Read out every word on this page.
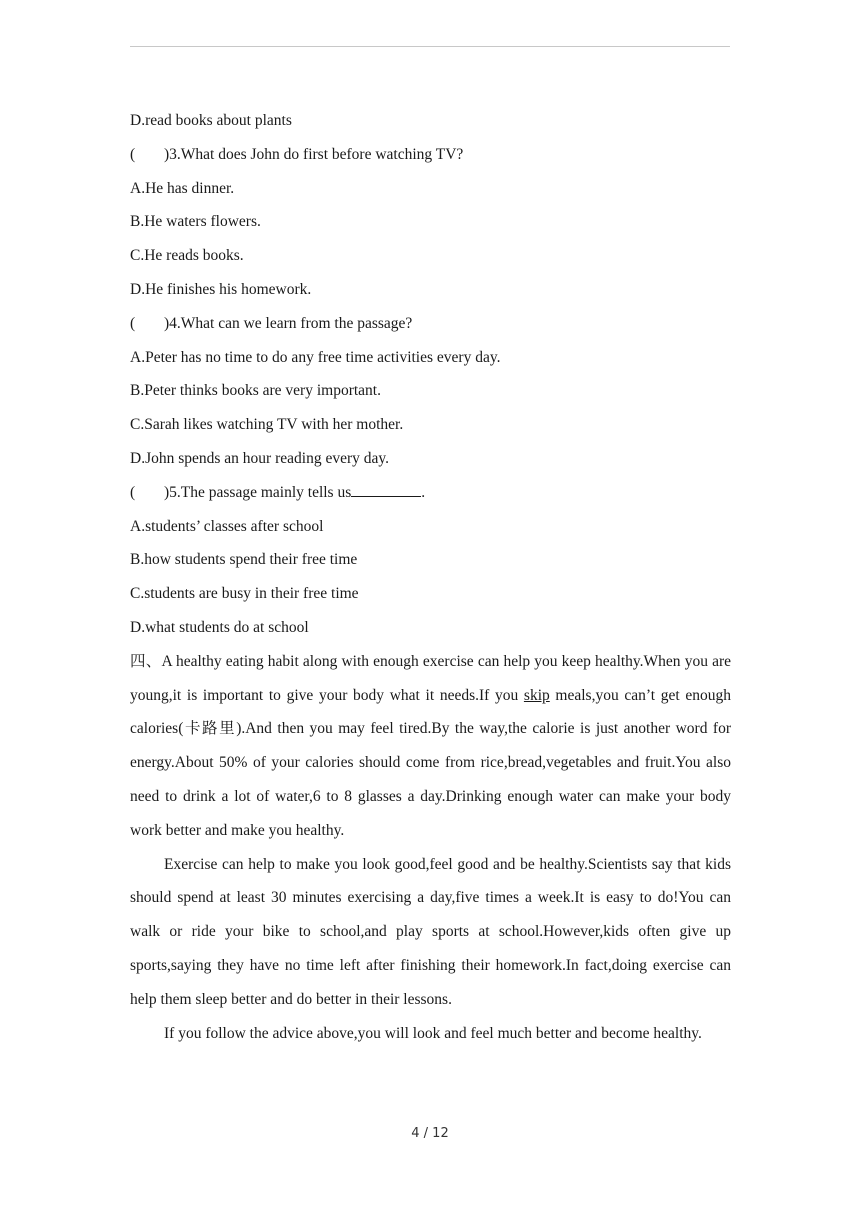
D.read books about plants
( )3.What does John do first before watching TV?
A.He has dinner.
B.He waters flowers.
C.He reads books.
D.He finishes his homework.
( )4.What can we learn from the passage?
A.Peter has no time to do any free time activities every day.
B.Peter thinks books are very important.
C.Sarah likes watching TV with her mother.
D.John spends an hour reading every day.
( )5.The passage mainly tells us	.
A.students’ classes after school
B.how students spend their free time
C.students are busy in their free time
D.what students do at school
四、A healthy eating habit along with enough exercise can help you keep healthy.When you are young,it is important to give your body what it needs.If you skip meals,you can’t get enough calories(卡路里).And then you may feel tired.By the way,the calorie is just another word for energy.About 50% of your calories should come from rice,bread,vegetables and fruit.You also need to drink a lot of water,6 to 8 glasses a day.Drinking enough water can make your body work better and make you healthy.
Exercise can help to make you look good,feel good and be healthy.Scientists say that kids should spend at least 30 minutes exercising a day,five times a week.It is easy to do!You can walk or ride your bike to school,and play sports at school.However,kids often give up sports,saying they have no time left after finishing their homework.In fact,doing exercise can help them sleep better and do better in their lessons.
If you follow the advice above,you will look and feel much better and become healthy.
4 / 12
